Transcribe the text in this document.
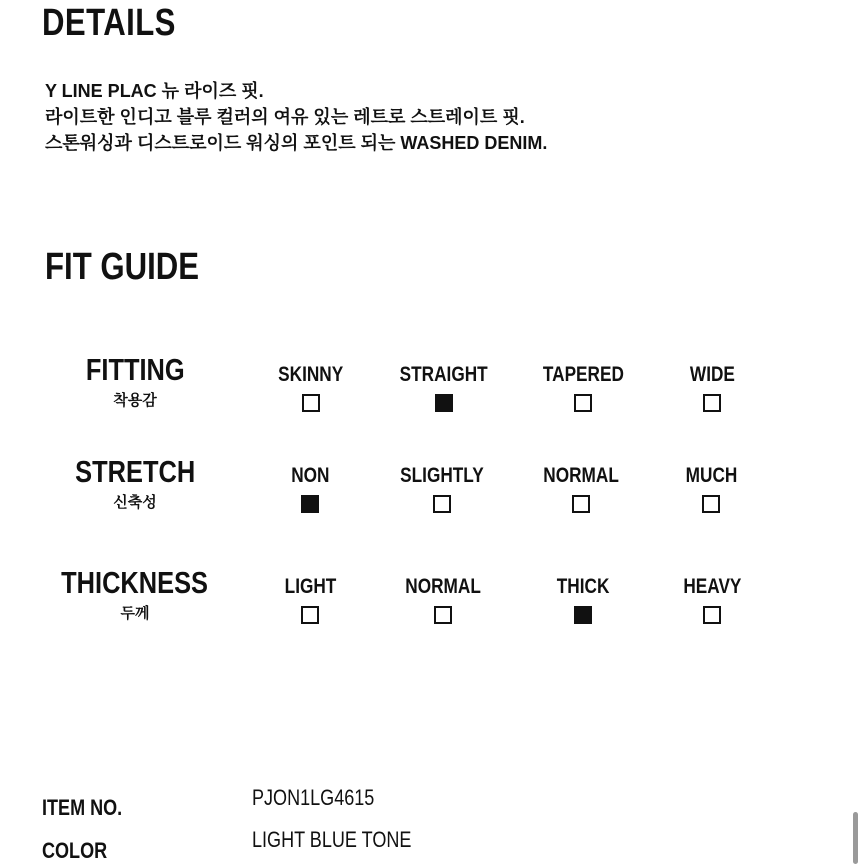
DETAILS
Y LINE PLAC 뉴 라이즈 핏.
라이트한 인디고 블루 컬러의 여유 있는 레트로 스트레이트 핏.
스톤워싱과 디스트로이드 워싱의 포인트 되는 WASHED DENIM.
FIT GUIDE
FITTING
착용감
SKINNY	STRAIGHT	TAPERED	WIDE
STRETCH
신축성
NON	SLIGHTLY	NORMAL	MUCH
THICKNESS
두께
LIGHT	NORMAL	THICK	HEAVY
ITEM NO.	PJON1LG4615
COLOR	LIGHT BLUE TONE
